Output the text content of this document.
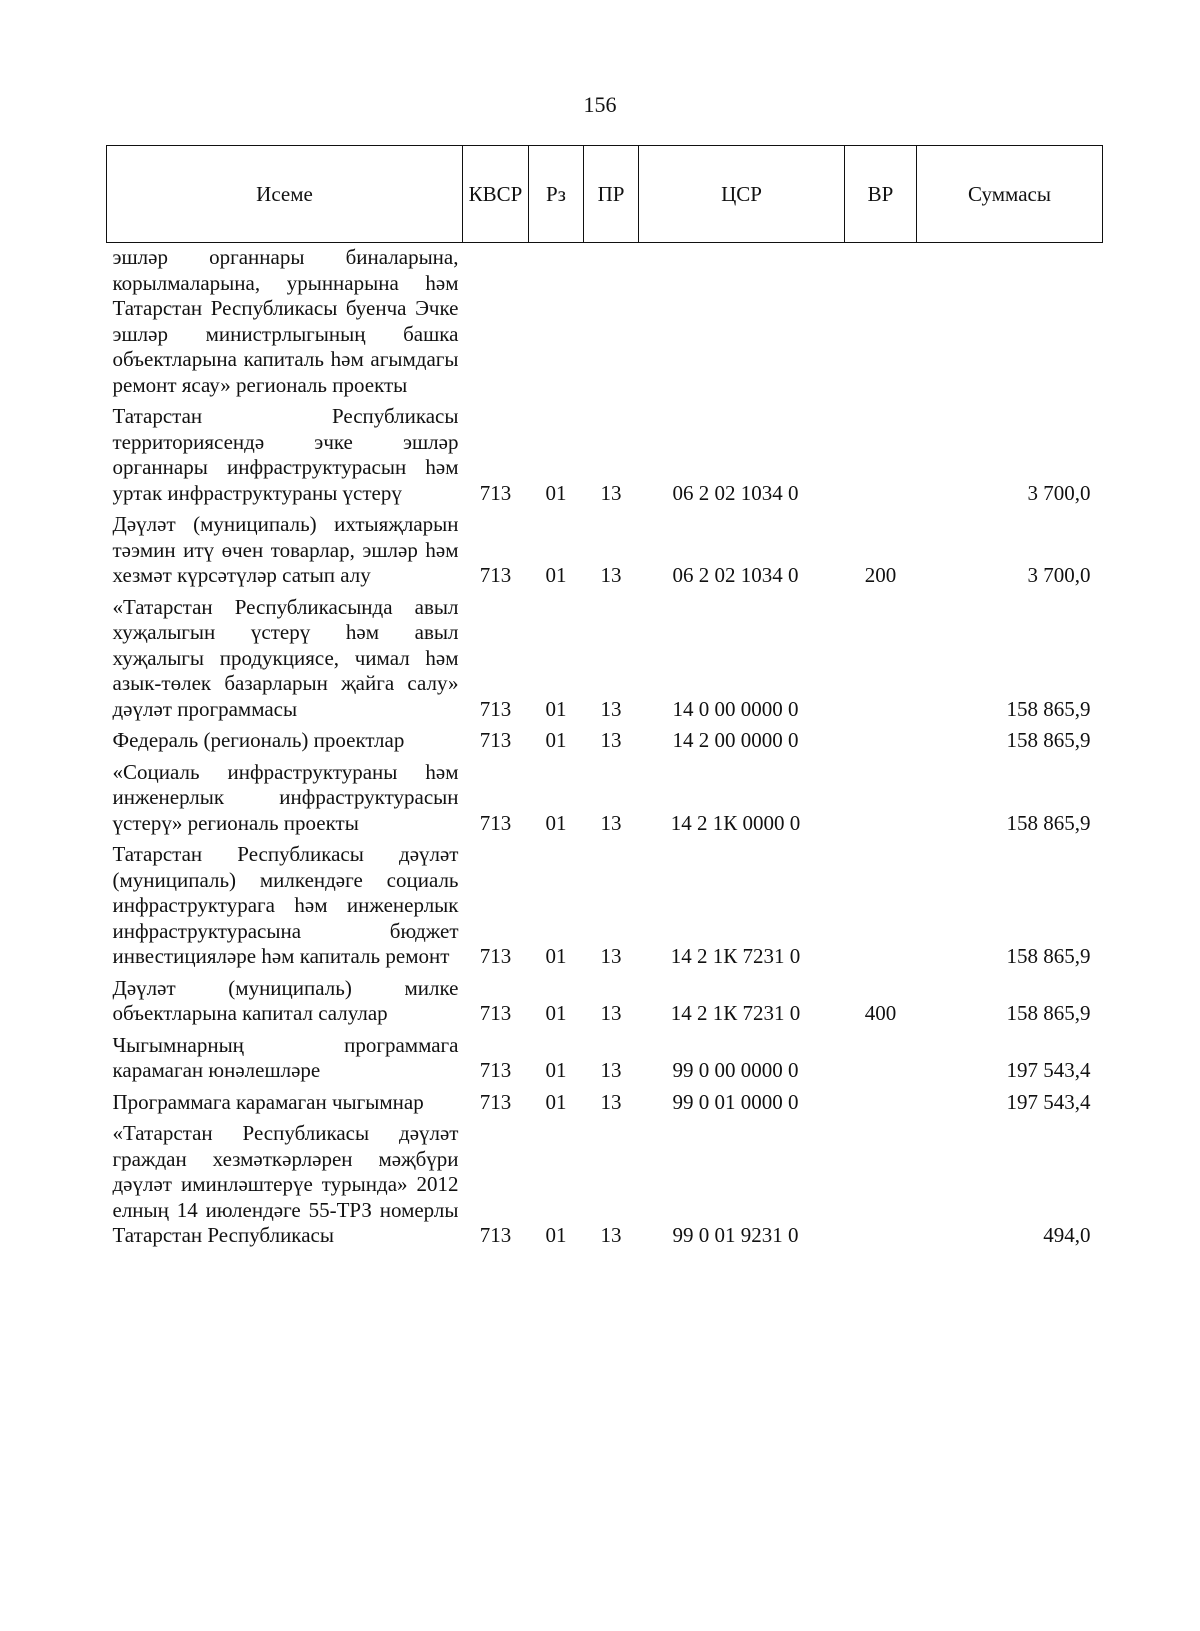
156
Исеме	КВСР	Рз	ПР	ЦСР	ВР	Суммасы
эшләр органнары биналарына, корылмаларына, урыннарына һәм Татарстан Республикасы буенча Эчке эшләр министрлыгының башка объектларына капиталь һәм агымдагы ремонт ясау» региональ проекты						
Татарстан Республикасы территориясендә эчке эшләр органнары инфраструктурасын һәм уртак инфраструктураны үстерү	713	01	13	06 2 02 1034 0		3 700,0
Дәүләт (муниципаль) ихтыяҗларын тәэмин итү өчен товарлар, эшләр һәм хезмәт күрсәтүләр сатып алу	713	01	13	06 2 02 1034 0	200	3 700,0
«Татарстан Республикасында авыл хуҗалыгын үстерү һәм авыл хуҗалыгы продукциясе, чимал һәм азык-төлек базарларын җайга салу» дәүләт программасы	713	01	13	14 0 00 0000 0		158 865,9
Федераль (региональ) проектлар	713	01	13	14 2 00 0000 0		158 865,9
«Социаль инфраструктураны һәм инженерлык инфраструктурасын үстерү» региональ проекты	713	01	13	14 2 1К 0000 0		158 865,9
Татарстан Республикасы дәүләт (муниципаль) милкендәге социаль инфраструктурага һәм инженерлык инфраструктурасына бюджет инвестицияләре һәм капиталь ремонт	713	01	13	14 2 1К 7231 0		158 865,9
Дәүләт (муниципаль) милке объектларына капитал салулар	713	01	13	14 2 1К 7231 0	400	158 865,9
Чыгымнарның программага карамаган юнәлешләре	713	01	13	99 0 00 0000 0		197 543,4
Программага карамаган чыгымнар	713	01	13	99 0 01 0000 0		197 543,4
«Татарстан Республикасы дәүләт граждан хезмәткәрләрен мәҗбүри дәүләт иминләштерүе турында» 2012 елның 14 июлендәге 55-ТРЗ номерлы Татарстан Республикасы	713	01	13	99 0 01 9231 0		494,0
